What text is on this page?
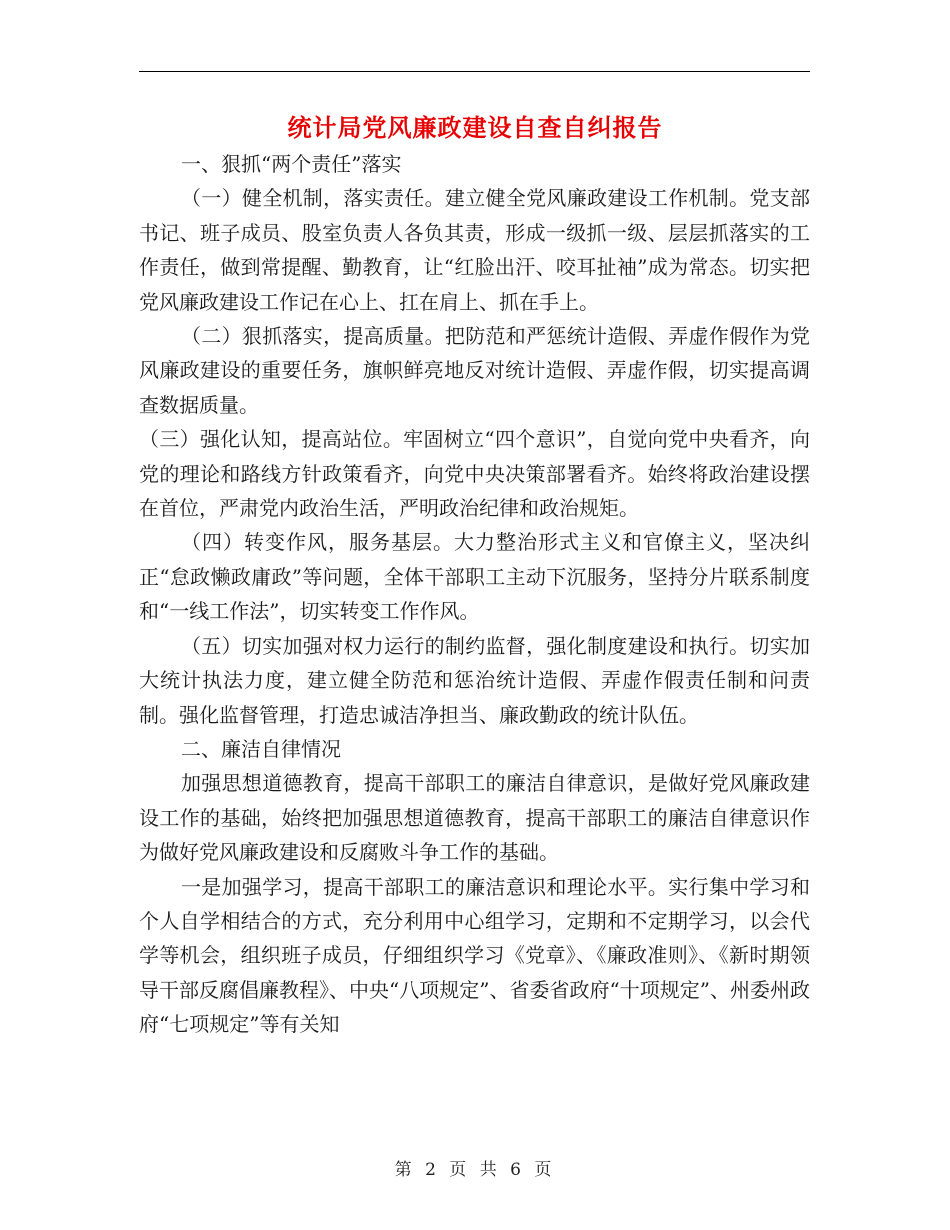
统计局党风廉政建设自查自纠报告

一、狠抓“两个责任”落实

（一）健全机制，落实责任。建立健全党风廉政建设工作机制。党支部书记、班子成员、股室负责人各负其责，形成一级抓一级、层层抓落实的工作责任，做到常提醒、勤教育，让“红脸出汗、咬耳扯袖”成为常态。切实把党风廉政建设工作记在心上、扛在肩上、抓在手上。

（二）狠抓落实，提高质量。把防范和严惩统计造假、弄虚作假作为党风廉政建设的重要任务，旗帜鲜亮地反对统计造假、弄虚作假，切实提高调查数据质量。

（三）强化认知，提高站位。牢固树立“四个意识”，自觉向党中央看齐，向党的理论和路线方针政策看齐，向党中央决策部署看齐。始终将政治建设摆在首位，严肃党内政治生活，严明政治纪律和政治规矩。

（四）转变作风，服务基层。大力整治形式主义和官僚主义，坚决纠正“怠政懒政庸政”等问题，全体干部职工主动下沉服务，坚持分片联系制度和“一线工作法”，切实转变工作作风。

（五）切实加强对权力运行的制约监督，强化制度建设和执行。切实加大统计执法力度，建立健全防范和惩治统计造假、弄虚作假责任制和问责制。强化监督管理，打造忠诚洁净担当、廉政勤政的统计队伍。

二、廉洁自律情况

加强思想道德教育，提高干部职工的廉洁自律意识，是做好党风廉政建设工作的基础，始终把加强思想道德教育，提高干部职工的廉洁自律意识作为做好党风廉政建设和反腐败斗争工作的基础。

一是加强学习，提高干部职工的廉洁意识和理论水平。实行集中学习和个人自学相结合的方式，充分利用中心组学习，定期和不定期学习，以会代学等机会，组织班子成员，仔细组织学习《党章》、《廉政准则》、《新时期领导干部反腐倡廉教程》、中央“八项规定”、省委省政府“十项规定”、州委州政府“七项规定”等有关知

第 2 页 共 6 页
